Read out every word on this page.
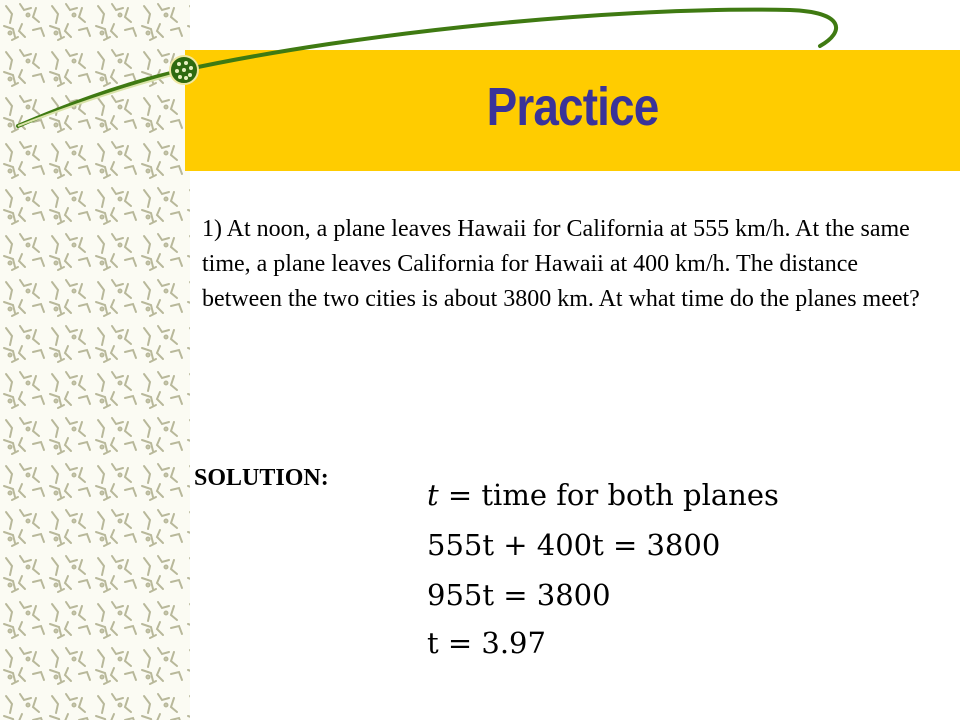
Practice

1) At noon, a plane leaves Hawaii for California at 555 km/h. At the same time, a plane leaves California for Hawaii at 400 km/h. The distance between the two cities is about 3800 km. At what time do the planes meet?

SOLUTION:	t = time for both planes
555t + 400t = 3800
955t = 3800
t = 3.97
